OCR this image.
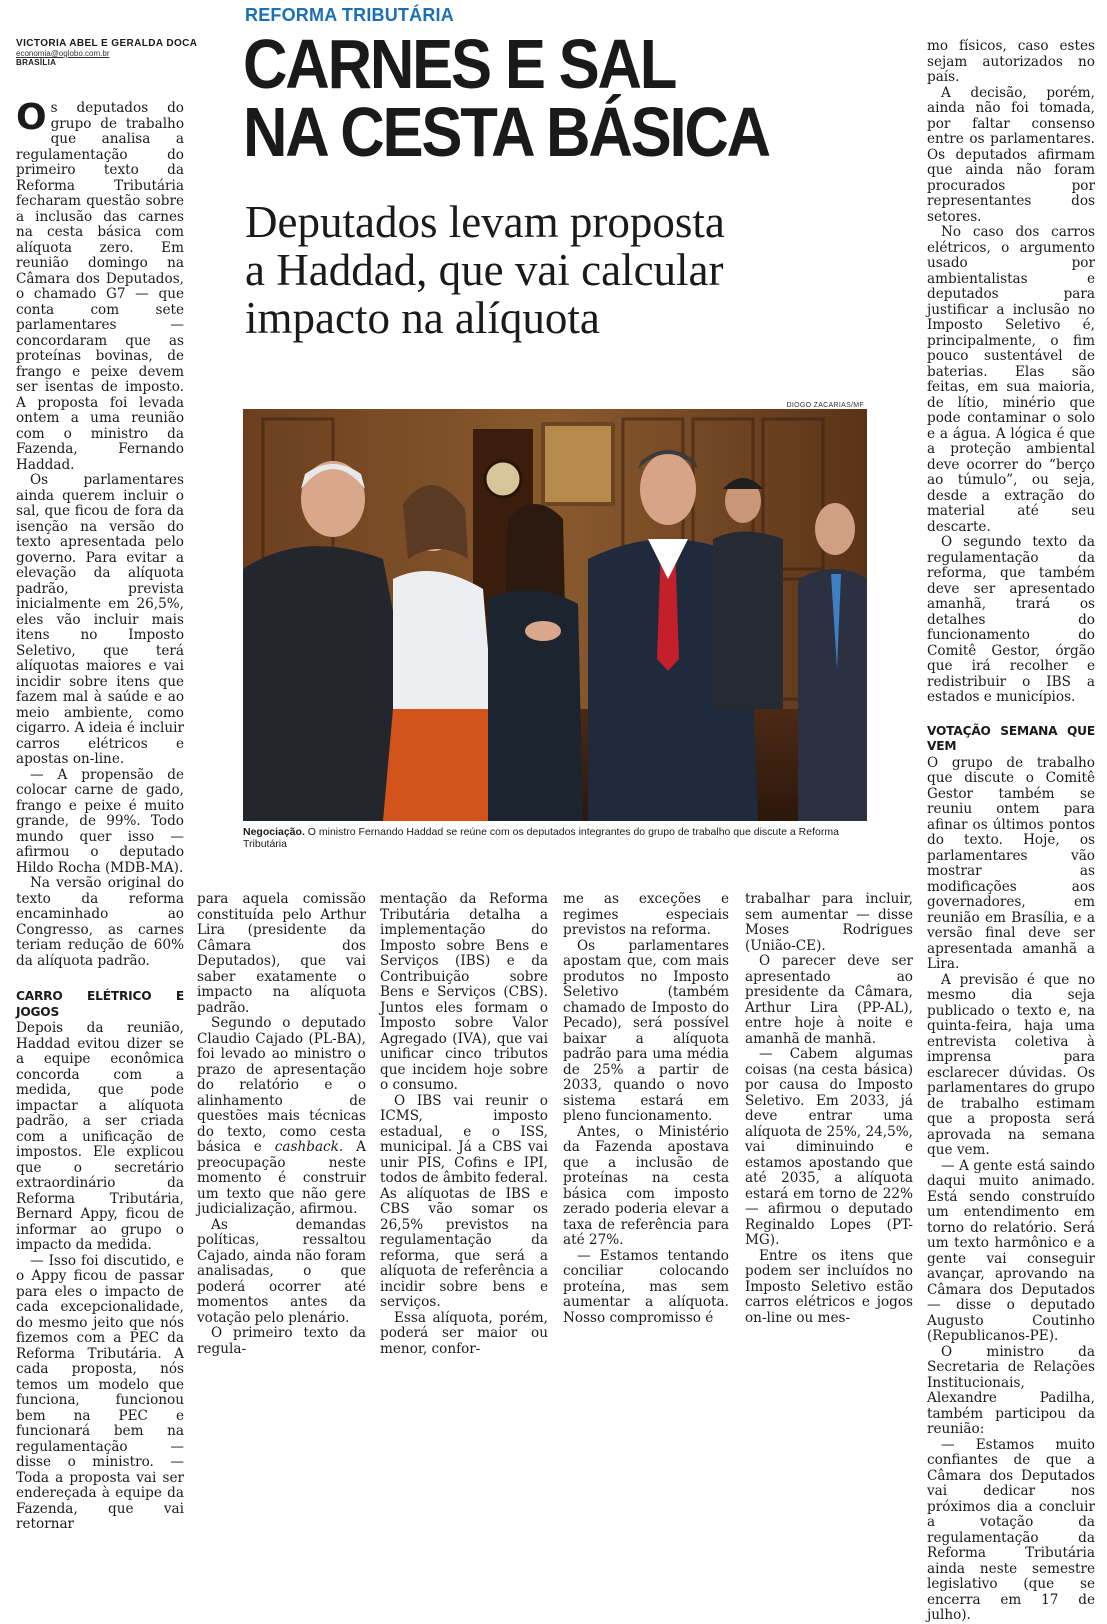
REFORMA TRIBUTÁRIA
CARNES E SAL
NA CESTA BÁSICA
Deputados levam proposta
a Haddad, que vai calcular
impacto na alíquota
VICTORIA ABEL E GERALDA DOCA
economia@oglobo.com.br
BRASÍLIA
DIOGO ZACARIAS/MF
Negociação. O ministro Fernando Haddad se reúne com os deputados integrantes do grupo de trabalho que discute a Reforma Tributária

Os deputados do grupo de trabalho que analisa a regulamentação do primeiro texto da Reforma Tributária fecharam questão sobre a inclusão das carnes na cesta básica com alíquota zero. Em reunião domingo na Câmara dos Deputados, o chamado G7 — que conta com sete parlamentares — concordaram que as proteínas bovinas, de frango e peixe devem ser isentas de imposto. A proposta foi levada ontem a uma reunião com o ministro da Fazenda, Fernando Haddad.

Os parlamentares ainda querem incluir o sal, que ficou de fora da isenção na versão do texto apresentada pelo governo. Para evitar a elevação da alíquota padrão, prevista inicialmente em 26,5%, eles vão incluir mais itens no Imposto Seletivo, que terá alíquotas maiores e vai incidir sobre itens que fazem mal à saúde e ao meio ambiente, como cigarro. A ideia é incluir carros elétricos e apostas on-line.

— A propensão de colocar carne de gado, frango e peixe é muito grande, de 99%. Todo mundo quer isso — afirmou o deputado Hildo Rocha (MDB-MA).

Na versão original do texto da reforma encaminhado ao Congresso, as carnes teriam redução de 60% da alíquota padrão.

CARRO ELÉTRICO E JOGOS

Depois da reunião, Haddad evitou dizer se a equipe econômica concorda com a medida, que pode impactar a alíquota padrão, a ser criada com a unificação de impostos. Ele explicou que o secretário extraordinário da Reforma Tributária, Bernard Appy, ficou de informar ao grupo o impacto da medida.

— Isso foi discutido, e o Appy ficou de passar para eles o impacto de cada excepcionalidade, do mesmo jeito que nós fizemos com a PEC da Reforma Tributária. A cada proposta, nós temos um modelo que funciona, funcionou bem na PEC e funcionará bem na regulamentação — disse o ministro. — Toda a proposta vai ser endereçada à equipe da Fazenda, que vai retornar

para aquela comissão constituída pelo Arthur Lira (presidente da Câmara dos Deputados), que vai saber exatamente o impacto na alíquota padrão.

Segundo o deputado Claudio Cajado (PL-BA), foi levado ao ministro o prazo de apresentação do relatório e o alinhamento de questões mais técnicas do texto, como cesta básica e cashback. A preocupação neste momento é construir um texto que não gere judicialização, afirmou.

As demandas políticas, ressaltou Cajado, ainda não foram analisadas, o que poderá ocorrer até momentos antes da votação pelo plenário.

O primeiro texto da regula-

mentação da Reforma Tributária detalha a implementação do Imposto sobre Bens e Serviços (IBS) e da Contribuição sobre Bens e Serviços (CBS). Juntos eles formam o Imposto sobre Valor Agregado (IVA), que vai unificar cinco tributos que incidem hoje sobre o consumo.

O IBS vai reunir o ICMS, imposto estadual, e o ISS, municipal. Já a CBS vai unir PIS, Cofins e IPI, todos de âmbito federal. As alíquotas de IBS e CBS vão somar os 26,5% previstos na regulamentação da reforma, que será a alíquota de referência a incidir sobre bens e serviços.

Essa alíquota, porém, poderá ser maior ou menor, confor-

me as exceções e regimes especiais previstos na reforma.

Os parlamentares apostam que, com mais produtos no Imposto Seletivo (também chamado de Imposto do Pecado), será possível baixar a alíquota padrão para uma média de 25% a partir de 2033, quando o novo sistema estará em pleno funcionamento.

Antes, o Ministério da Fazenda apostava que a inclusão de proteínas na cesta básica com imposto zerado poderia elevar a taxa de referência para até 27%.

— Estamos tentando conciliar colocando proteína, mas sem aumentar a alíquota. Nosso compromisso é

trabalhar para incluir, sem aumentar — disse Moses Rodrigues (União-CE).

O parecer deve ser apresentado ao presidente da Câmara, Arthur Lira (PP-AL), entre hoje à noite e amanhã de manhã.

— Cabem algumas coisas (na cesta básica) por causa do Imposto Seletivo. Em 2033, já deve entrar uma alíquota de 25%, 24,5%, vai diminuindo e estamos apostando que até 2035, a alíquota estará em torno de 22% — afirmou o deputado Reginaldo Lopes (PT-MG).

Entre os itens que podem ser incluídos no Imposto Seletivo estão carros elétricos e jogos on-line ou mes-

mo físicos, caso estes sejam autorizados no país.

A decisão, porém, ainda não foi tomada, por faltar consenso entre os parlamentares. Os deputados afirmam que ainda não foram procurados por representantes dos setores.

No caso dos carros elétricos, o argumento usado por ambientalistas e deputados para justificar a inclusão no Imposto Seletivo é, principalmente, o fim pouco sustentável de baterias. Elas são feitas, em sua maioria, de lítio, minério que pode contaminar o solo e a água. A lógica é que a proteção ambiental deve ocorrer do “berço ao túmulo”, ou seja, desde a extração do material até seu descarte.

O segundo texto da regulamentação da reforma, que também deve ser apresentado amanhã, trará os detalhes do funcionamento do Comitê Gestor, órgão que irá recolher e redistribuir o IBS a estados e municípios.

VOTAÇÃO SEMANA QUE VEM

O grupo de trabalho que discute o Comitê Gestor também se reuniu ontem para afinar os últimos pontos do texto. Hoje, os parlamentares vão mostrar as modificações aos governadores, em reunião em Brasília, e a versão final deve ser apresentada amanhã a Lira.

A previsão é que no mesmo dia seja publicado o texto e, na quinta-feira, haja uma entrevista coletiva à imprensa para esclarecer dúvidas. Os parlamentares do grupo de trabalho estimam que a proposta será aprovada na semana que vem.

— A gente está saindo daqui muito animado. Está sendo construído um entendimento em torno do relatório. Será um texto harmônico e a gente vai conseguir avançar, aprovando na Câmara dos Deputados — disse o deputado Augusto Coutinho (Republicanos-PE).

O ministro da Secretaria de Relações Institucionais, Alexandre Padilha, também participou da reunião:

— Estamos muito confiantes de que a Câmara dos Deputados vai dedicar nos próximos dia a concluir a votação da regulamentação da Reforma Tributária ainda neste semestre legislativo (que se encerra em 17 de julho).
